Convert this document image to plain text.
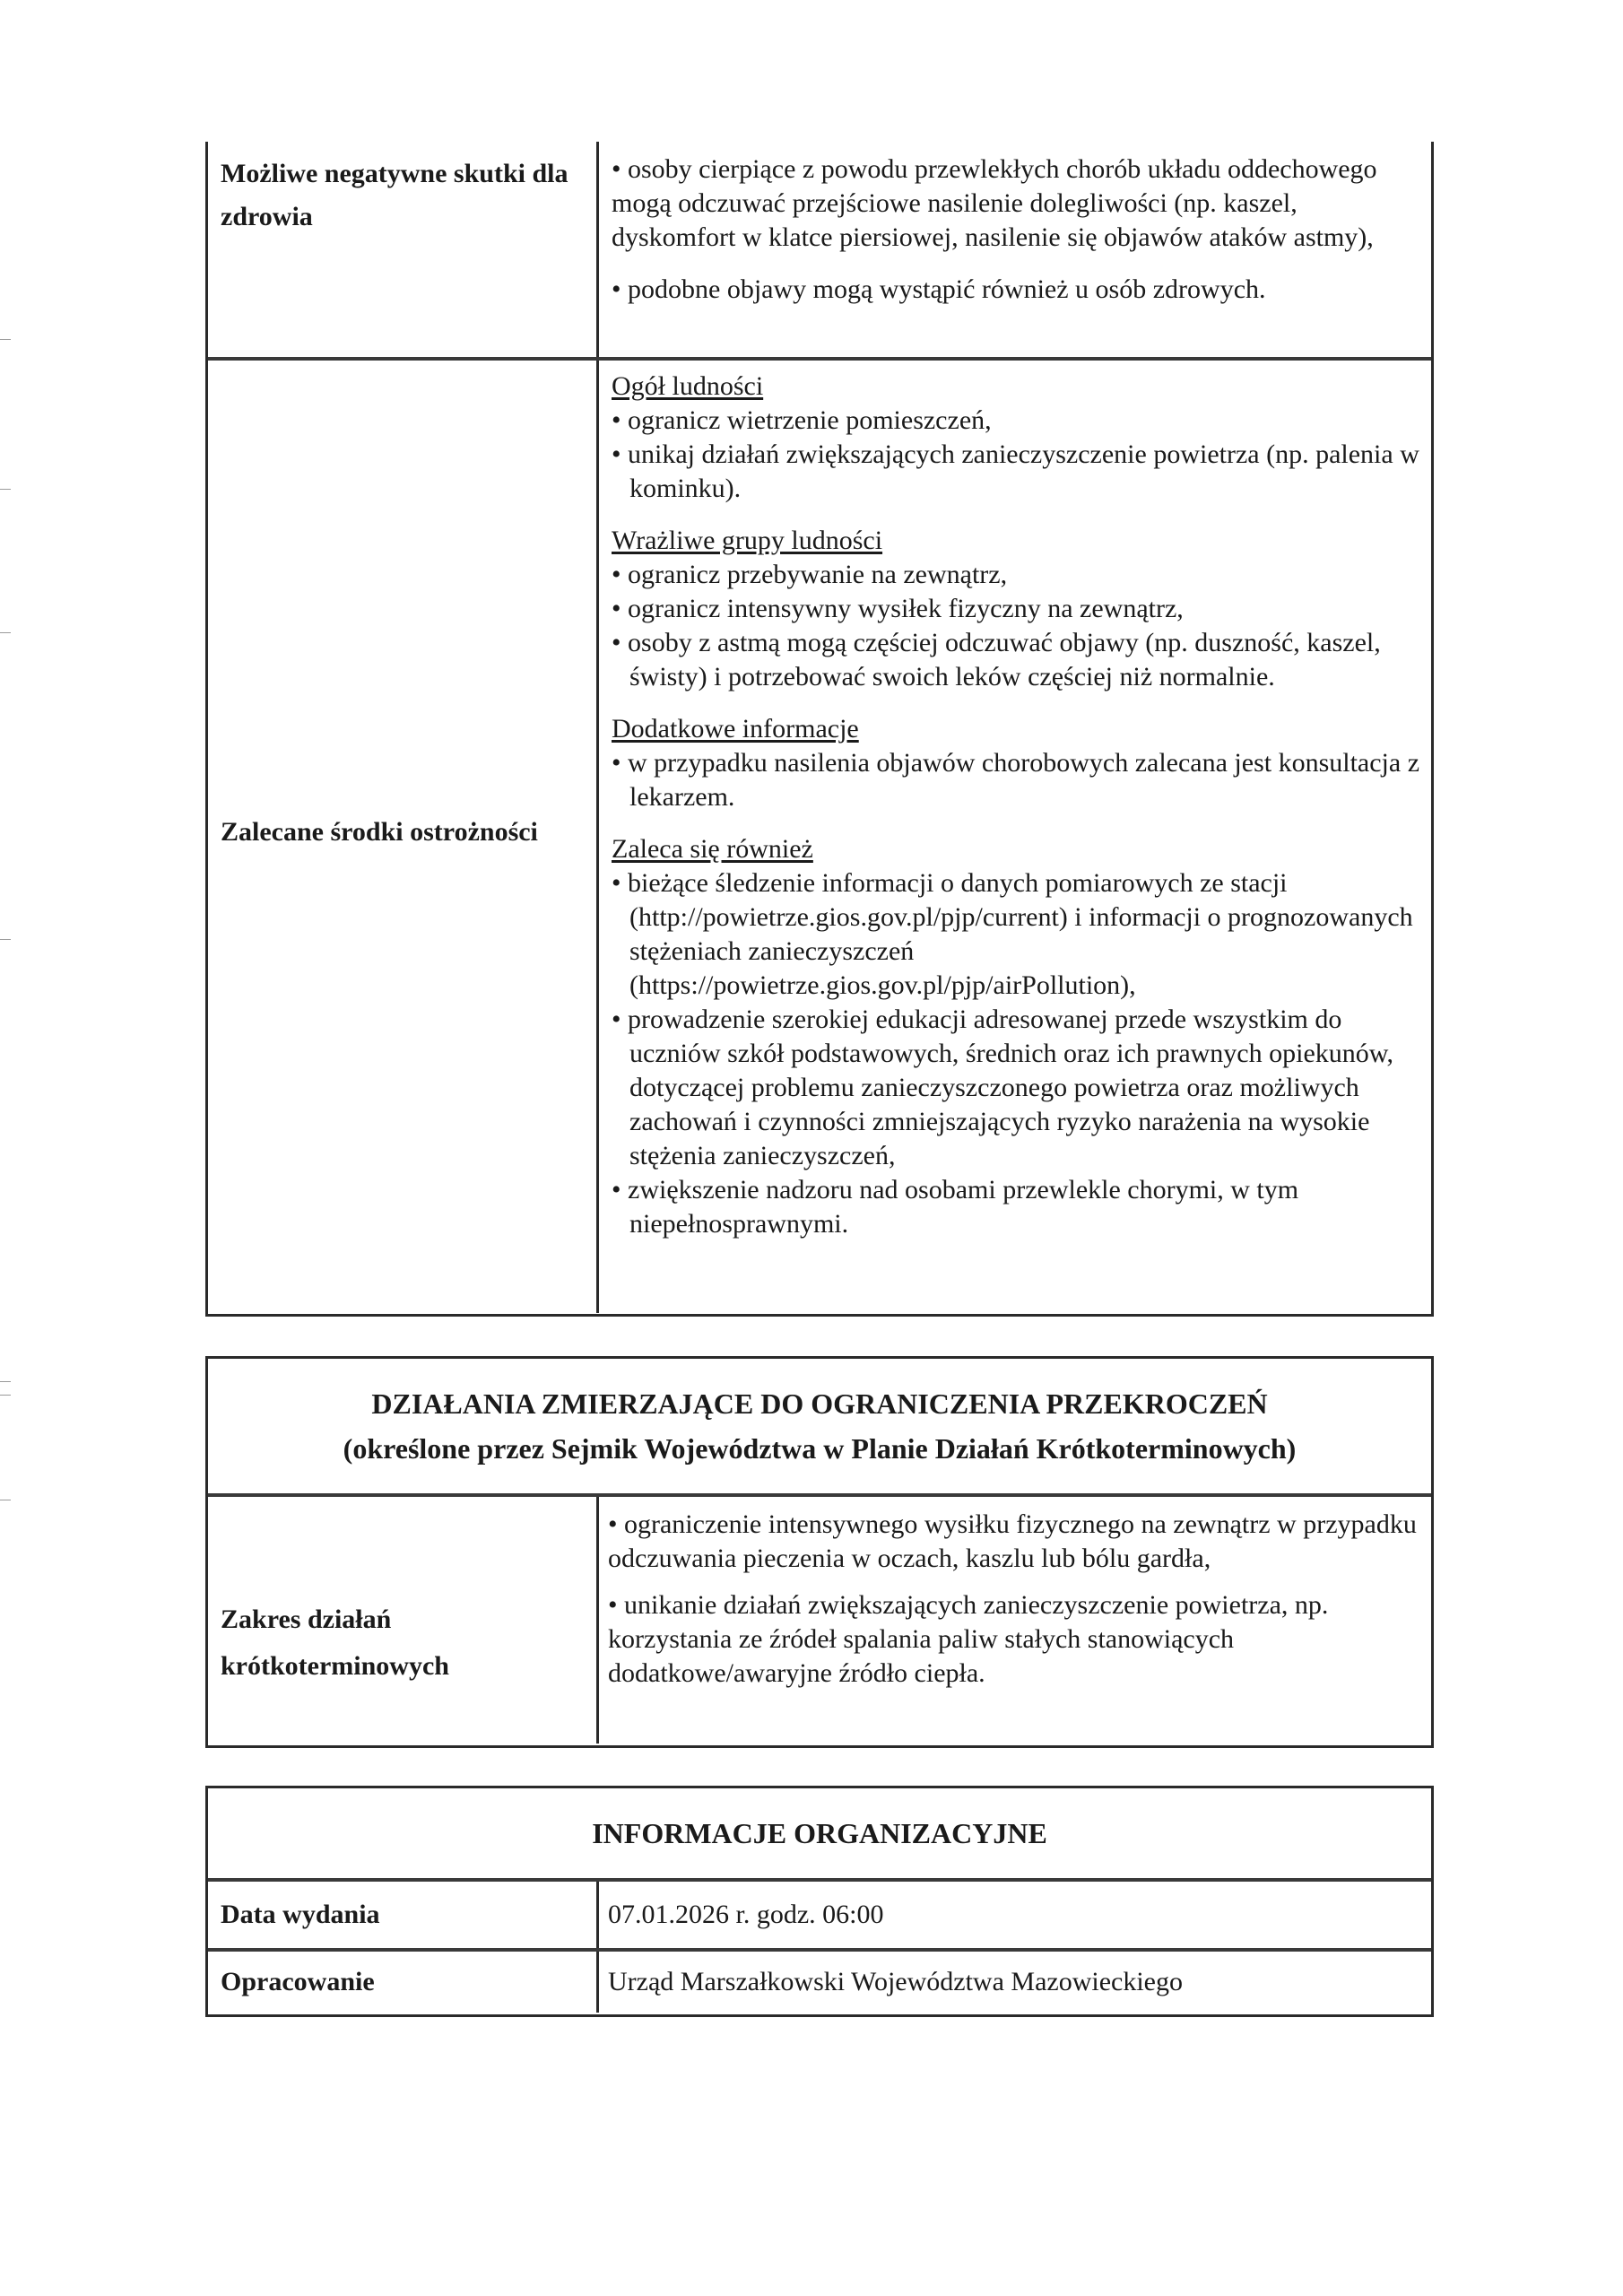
Możliwe negatywne skutki dla zdrowia

• osoby cierpiące z powodu przewlekłych chorób układu oddechowego mogą odczuwać przejściowe nasilenie dolegliwości (np. kaszel, dyskomfort w klatce piersiowej, nasilenie się objawów ataków astmy),

• podobne objawy mogą wystąpić również u osób zdrowych.

Zalecane środki ostrożności
Ogół ludności
• ogranicz wietrzenie pomieszczeń,
• unikaj działań zwiększających zanieczyszczenie powietrza (np. palenia w kominku).
Wrażliwe grupy ludności
• ogranicz przebywanie na zewnątrz,
• ogranicz intensywny wysiłek fizyczny na zewnątrz,
• osoby z astmą mogą częściej odczuwać objawy (np. duszność, kaszel, świsty) i potrzebować swoich leków częściej niż normalnie.
Dodatkowe informacje
• w przypadku nasilenia objawów chorobowych zalecana jest konsultacja z lekarzem.
Zaleca się również
• bieżące śledzenie informacji o danych pomiarowych ze stacji (http://powietrze.gios.gov.pl/pjp/current) i informacji o prognozowanych stężeniach zanieczyszczeń (https://powietrze.gios.gov.pl/pjp/airPollution),
• prowadzenie szerokiej edukacji adresowanej przede wszystkim do uczniów szkół podstawowych, średnich oraz ich prawnych opiekunów, dotyczącej problemu zanieczyszczonego powietrza oraz możliwych zachowań i czynności zmniejszających ryzyko narażenia na wysokie stężenia zanieczyszczeń,
• zwiększenie nadzoru nad osobami przewlekle chorymi, w tym niepełnosprawnymi.
DZIAŁANIA ZMIERZAJĄCE DO OGRANICZENIA PRZEKROCZEŃ
(określone przez Sejmik Województwa w Planie Działań Krótkoterminowych)
Zakres działań
krótkoterminowych

• ograniczenie intensywnego wysiłku fizycznego na zewnątrz w przypadku odczuwania pieczenia w oczach, kaszlu lub bólu gardła,

• unikanie działań zwiększających zanieczyszczenie powietrza, np. korzystania ze źródeł spalania paliw stałych stanowiących dodatkowe/awaryjne źródło ciepła.

INFORMACJE ORGANIZACYJNE
Data wydania	07.01.2026 r. godz. 06:00
Opracowanie	Urząd Marszałkowski Województwa Mazowieckiego
